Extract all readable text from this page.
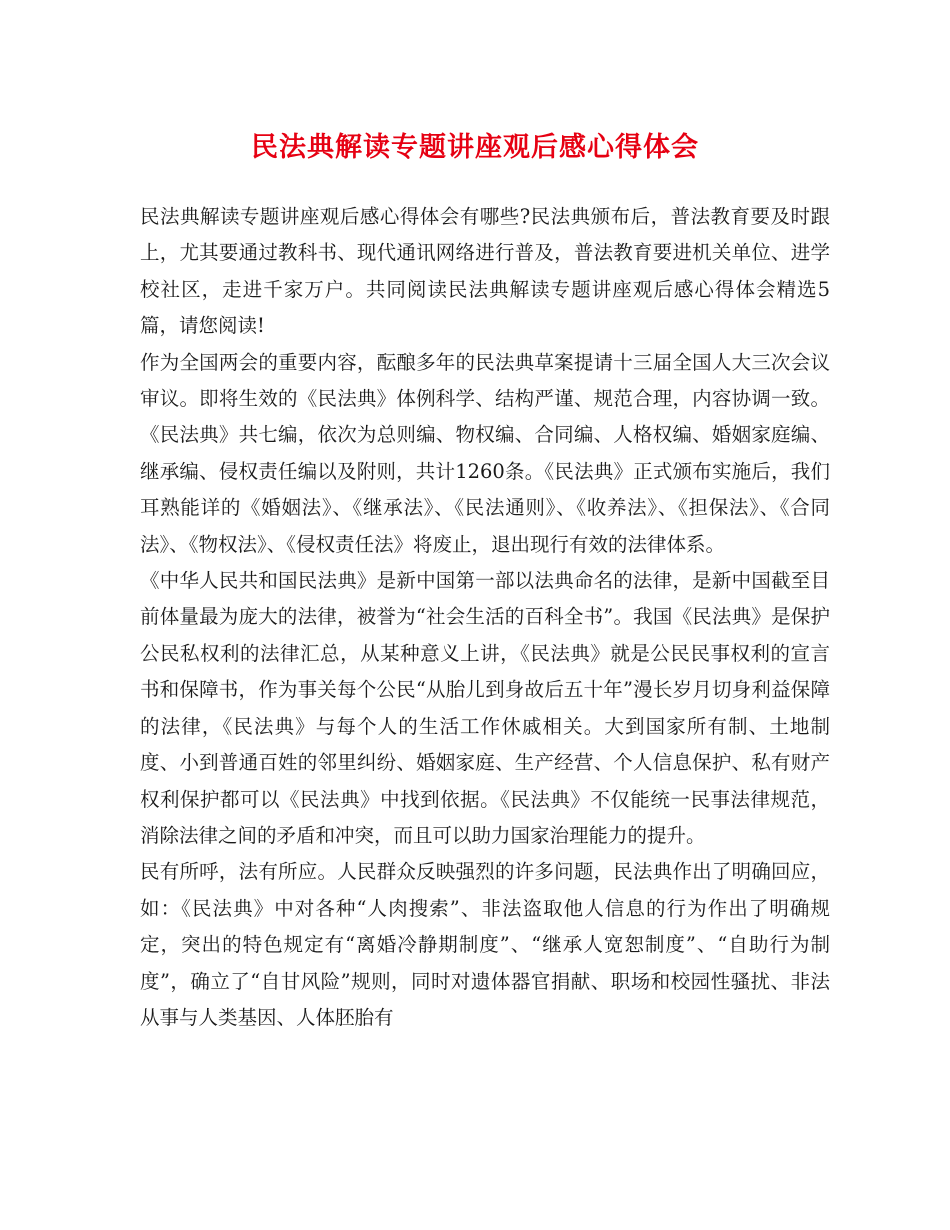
民法典解读专题讲座观后感心得体会

民法典解读专题讲座观后感心得体会有哪些?民法典颁布后，普法教育要及时跟上，尤其要通过教科书、现代通讯网络进行普及，普法教育要进机关单位、进学校社区，走进千家万户。共同阅读民法典解读专题讲座观后感心得体会精选5篇，请您阅读!

作为全国两会的重要内容，酝酿多年的民法典草案提请十三届全国人大三次会议审议。即将生效的《民法典》体例科学、结构严谨、规范合理，内容协调一致。《民法典》共七编，依次为总则编、物权编、合同编、人格权编、婚姻家庭编、继承编、侵权责任编以及附则，共计1260条。《民法典》正式颁布实施后，我们耳熟能详的《婚姻法》、《继承法》、《民法通则》、《收养法》、《担保法》、《合同法》、《物权法》、《侵权责任法》将废止，退出现行有效的法律体系。

《中华人民共和国民法典》是新中国第一部以法典命名的法律，是新中国截至目前体量最为庞大的法律，被誉为“社会生活的百科全书”。我国《民法典》是保护公民私权利的法律汇总，从某种意义上讲，《民法典》就是公民民事权利的宣言书和保障书，作为事关每个公民“从胎儿到身故后五十年”漫长岁月切身利益保障的法律，《民法典》与每个人的生活工作休戚相关。大到国家所有制、土地制度、小到普通百姓的邻里纠纷、婚姻家庭、生产经营、个人信息保护、私有财产权利保护都可以《民法典》中找到依据。《民法典》不仅能统一民事法律规范，消除法律之间的矛盾和冲突，而且可以助力国家治理能力的提升。

民有所呼，法有所应。人民群众反映强烈的许多问题，民法典作出了明确回应，如：《民法典》中对各种“人肉搜索”、非法盗取他人信息的行为作出了明确规定，突出的特色规定有“离婚冷静期制度”、“继承人宽恕制度”、“自助行为制度”，确立了“自甘风险”规则，同时对遗体器官捐献、职场和校园性骚扰、非法从事与人类基因、人体胚胎有
